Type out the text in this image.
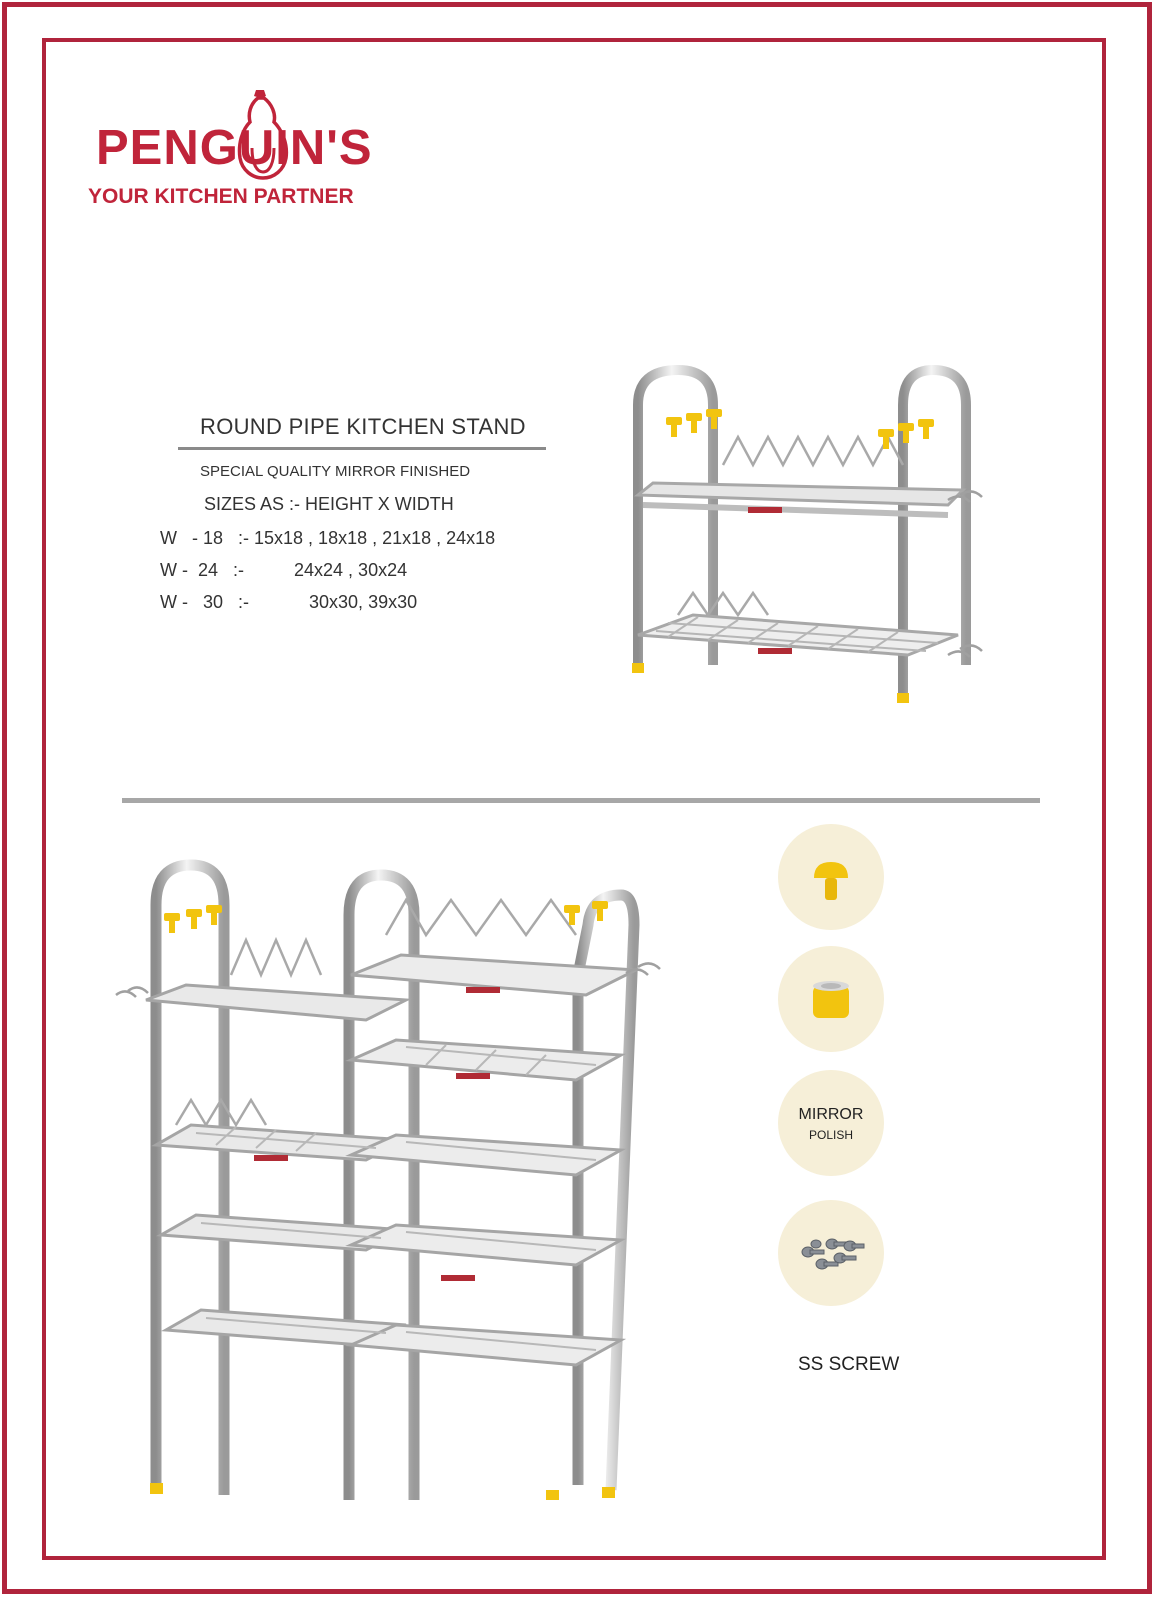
PENGUIN'S
YOUR KITCHEN PARTNER
ROUND PIPE KITCHEN STAND
SPECIAL QUALITY MIRROR FINISHED
SIZES AS :- HEIGHT X WIDTH
W   - 18   :- 15x18 , 18x18 , 21x18 , 24x18
W -  24   :-          24x24 , 30x24
W -   30   :-            30x30, 39x30
MIRROR
POLISH
SS SCREW
